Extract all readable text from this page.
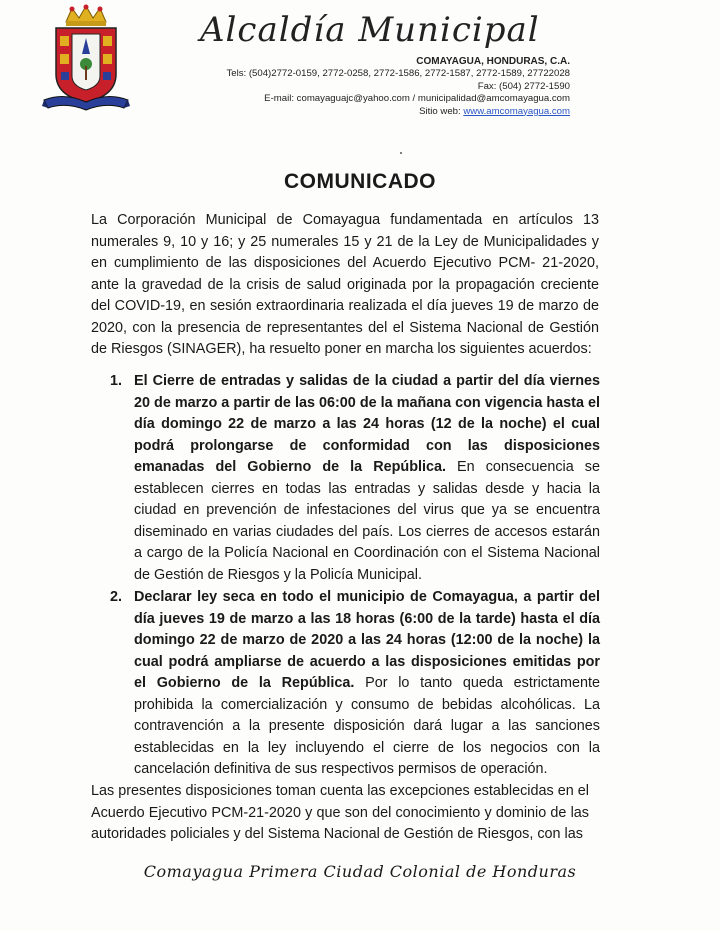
Alcaldía Municipal
COMAYAGUA, HONDURAS, C.A.
Tels: (504)2772-0159, 2772-0258, 2772-1586, 2772-1587, 2772-1589, 27722028
Fax: (504) 2772-1590
E-mail: comayaguajc@yahoo.com / municipalidad@amcomayagua.com
Sitio web: www.amcomayagua.com
COMUNICADO
La Corporación Municipal de Comayagua fundamentada en artículos 13 numerales 9, 10 y 16; y 25 numerales 15 y 21 de la Ley de Municipalidades y en cumplimiento de las disposiciones del Acuerdo Ejecutivo PCM- 21-2020, ante la gravedad de la crisis de salud originada por la propagación creciente del COVID-19, en sesión extraordinaria realizada el día jueves 19 de marzo de 2020, con la presencia de representantes del el Sistema Nacional de Gestión de Riesgos (SINAGER), ha resuelto poner en marcha los siguientes acuerdos:
1. El Cierre de entradas y salidas de la ciudad a partir del día viernes 20 de marzo a partir de las 06:00 de la mañana con vigencia hasta el día domingo 22 de marzo a las 24 horas (12 de la noche) el cual podrá prolongarse de conformidad con las disposiciones emanadas del Gobierno de la República. En consecuencia se establecen cierres en todas las entradas y salidas desde y hacia la ciudad en prevención de infestaciones del virus que ya se encuentra diseminado en varias ciudades del país. Los cierres de accesos estarán a cargo de la Policía Nacional en Coordinación con el Sistema Nacional de Gestión de Riesgos y la Policía Municipal.
2. Declarar ley seca en todo el municipio de Comayagua, a partir del día jueves 19 de marzo a las 18 horas (6:00 de la tarde) hasta el día domingo 22 de marzo de 2020 a las 24 horas (12:00 de la noche) la cual podrá ampliarse de acuerdo a las disposiciones emitidas por el Gobierno de la República. Por lo tanto queda estrictamente prohibida la comercialización y consumo de bebidas alcohólicas. La contravención a la presente disposición dará lugar a las sanciones establecidas en la ley incluyendo el cierre de los negocios con la cancelación definitiva de sus respectivos permisos de operación.
Las presentes disposiciones toman cuenta las excepciones establecidas en el Acuerdo Ejecutivo PCM-21-2020 y que son del conocimiento y dominio de las autoridades policiales y del Sistema Nacional de Gestión de Riesgos, con las
Comayagua Primera Ciudad Colonial de Honduras
